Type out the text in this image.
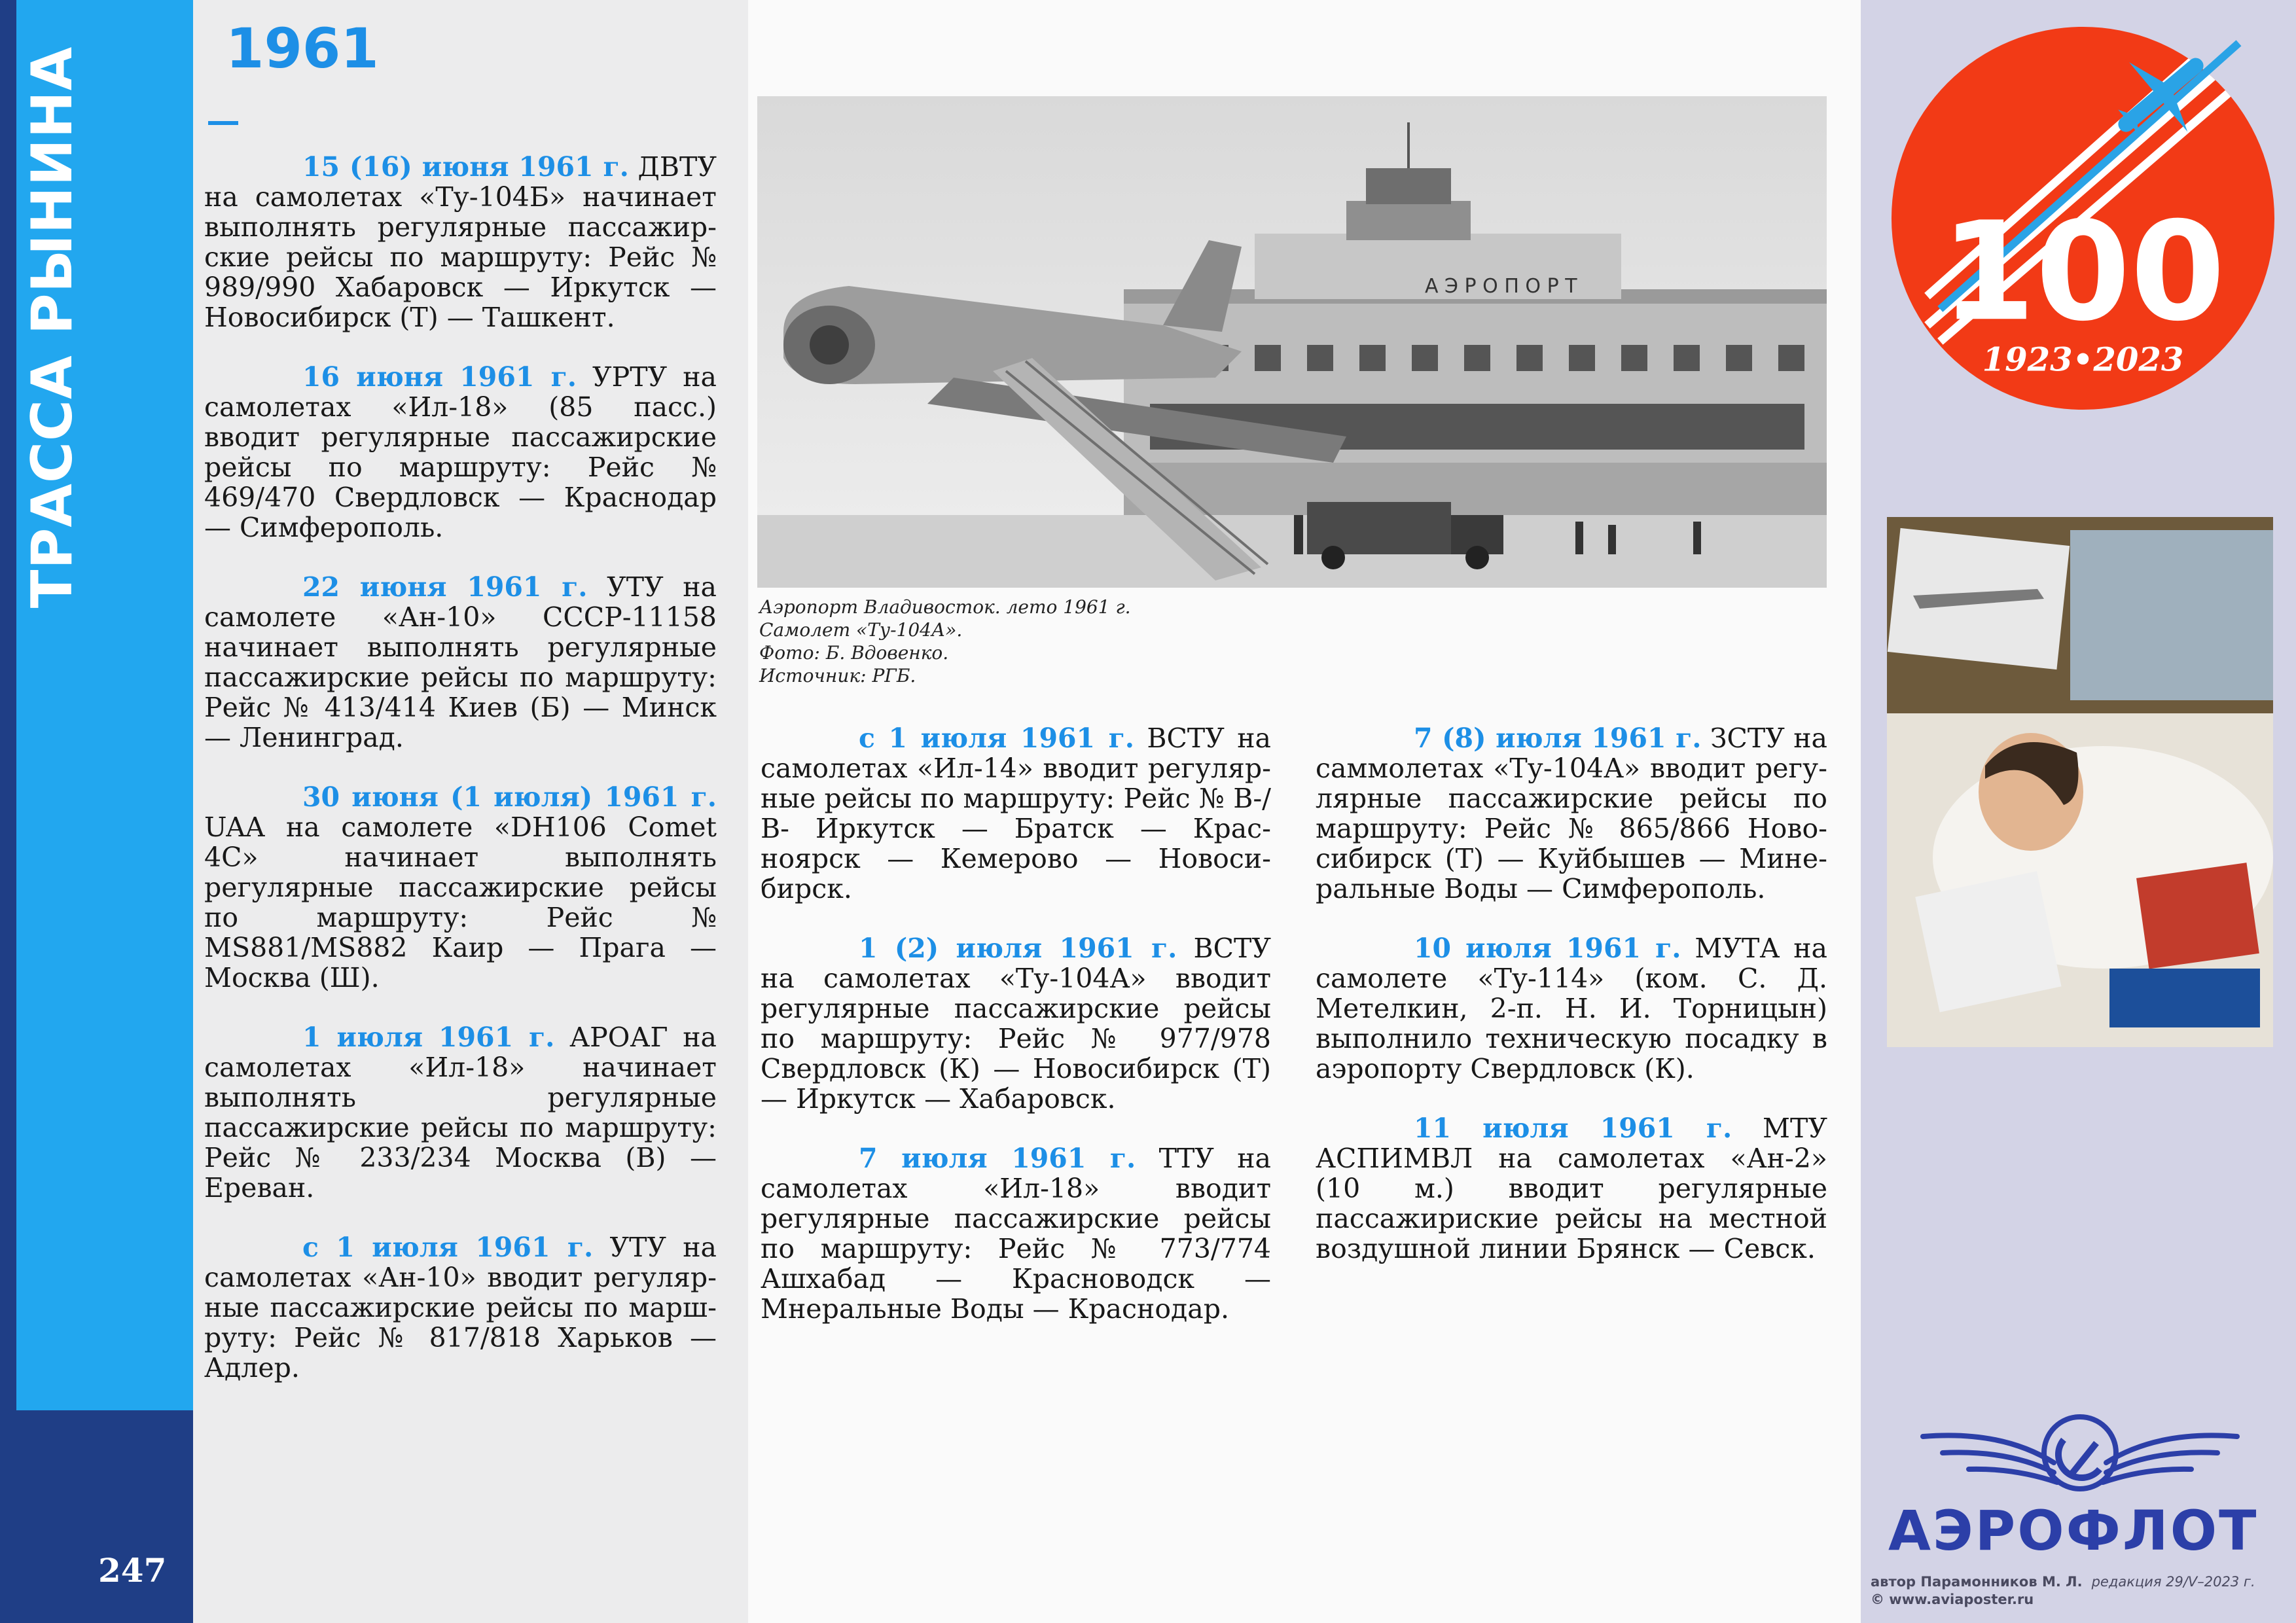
ТРАССА РЫНИНА
247
1961

15 (16) июня 1961 г. ДВТУ на самолетах «Ту-104Б» начинает выполнять регулярные пассажирские рейсы по маршруту: Рейс № 989/990 Хабаровск — Иркутск — Новосибирск (Т) — Ташкент.

16 июня 1961 г. УРТУ на самолетах «Ил-18» (85 пасс.) вводит регулярные пассажирские рейсы по маршруту: Рейс № 469/470 Свердловск — Краснодар — Симферополь.

22 июня 1961 г. УТУ на самолете «Ан-10» СССР-11158 начинает выполнять регулярные пассажирские рейсы по маршруту: Рейс № 413/414 Киев (Б) — Минск — Ленинград.

30 июня (1 июля) 1961 г. UAA на самолете «DH106 Comet 4C» начинает выполнять регулярные пассажирские рейсы по маршруту: Рейс № MS881/MS882 Каир — Прага — Москва (Ш).

1 июля 1961 г. АРОАГ на самолетах «Ил-18» начинает выполнять регулярные пассажирские рейсы по маршруту: Рейс № 233/234 Москва (В) — Ереван.

с 1 июля 1961 г. УТУ на самолетах «Ан-10» вводит регулярные пассажирские рейсы по маршруту: Рейс № 817/818 Харьков — Адлер.

А Э Р О П О Р Т
Аэропорт Владивосток. лето 1961 г.
Самолет «Ту-104А».
Фото: Б. Вдовенко.
Источник: РГБ.

с 1 июля 1961 г. ВСТУ на самолетах «Ил-14» вводит регулярные рейсы по маршруту: Рейс № В-/В- Иркутск — Братск — Красноярск — Кемерово — Новосибирск.

1 (2) июля 1961 г. ВСТУ на самолетах «Ту-104А» вводит регулярные пассажирские рейсы по маршруту: Рейс № 977/978 Свердловск (К) — Новосибирск (Т) — Иркутск — Хабаровск.

7 июля 1961 г. ТТУ на самолетах «Ил-18» вводит регулярные пассажирские рейсы по маршруту: Рейс № 773/774 Ашхабад — Красноводск — Мнеральные Воды — Краснодар.

7 (8) июля 1961 г. ЗСТУ на саммолетах «Ту-104А» вводит регулярные пассажирские рейсы по маршруту: Рейс № 865/866 Новосибирск (Т) — Куйбышев — Минеральные Воды — Симферополь.

10 июля 1961 г. МУТА на самолете «Ту-114» (ком. С. Д. Метелкин, 2-п. Н. И. Торницын) выполнило техническую посадку в аэропорту Свердловск (К).

11 июля 1961 г. МТУ АСПИМВЛ на самолетах «Ан-2» (10 м.) вводит регулярные пассажириские рейсы на местной воздушной линии Брянск — Севск.

100
1923•2023
АЭРОФЛОТ
автор Парамонников М. Л. редакция 29/V–2023 г.
© www.aviaposter.ru
